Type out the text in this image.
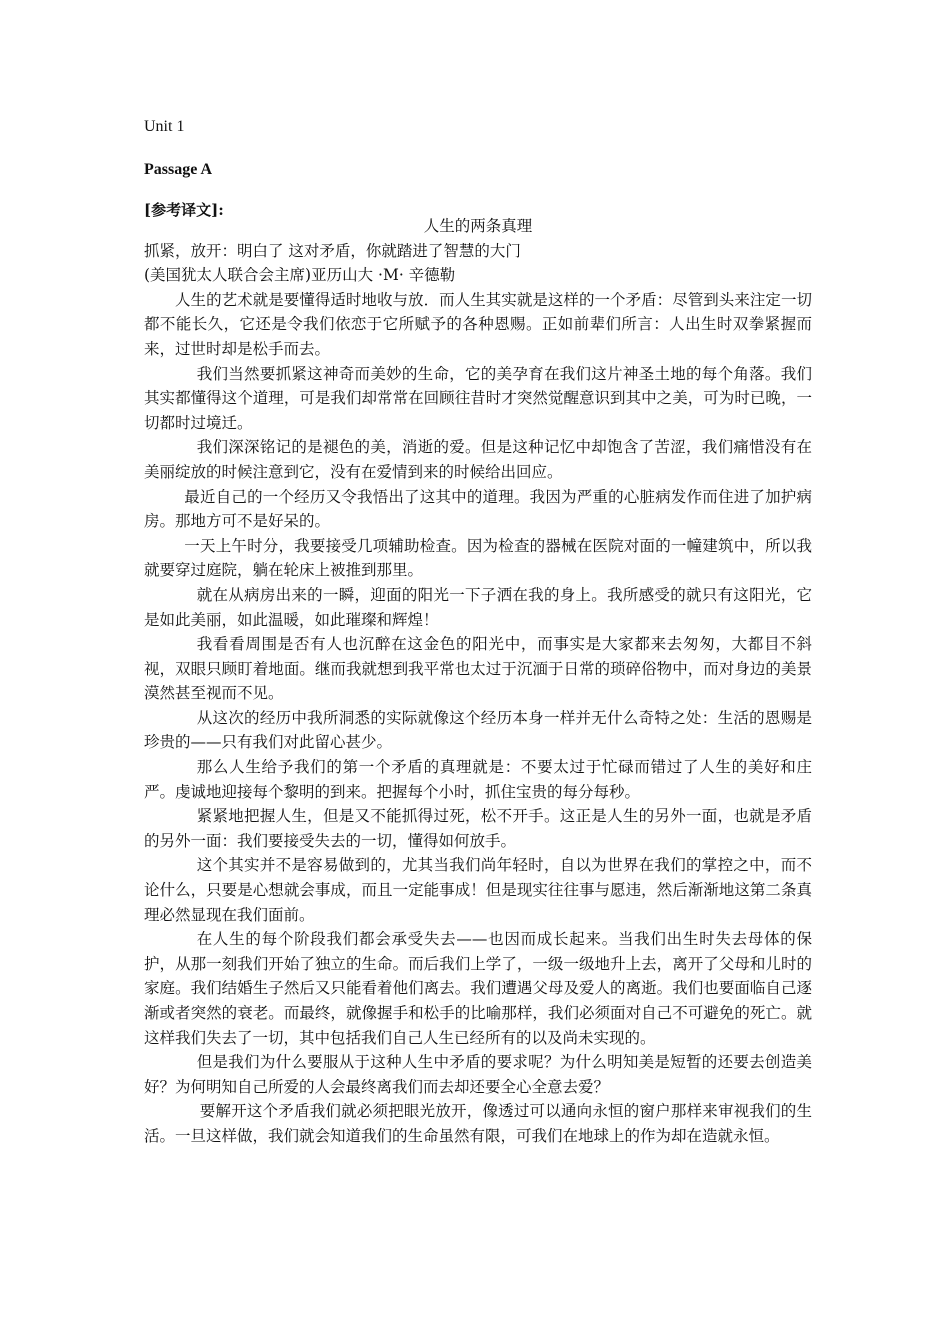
Unit 1
Passage A
[参考译文]:

人生的两条真理

抓紧，放开：明白了 这对矛盾，你就踏进了智慧的大门

(美国犹太人联合会主席)亚历山大 ·M· 辛德勒

人生的艺术就是要懂得适时地收与放．而人生其实就是这样的一个矛盾：尽管到头来注定一切都不能长久，它还是令我们依恋于它所赋予的各种恩赐。正如前辈们所言：人出生时双拳紧握而来，过世时却是松手而去。

我们当然要抓紧这神奇而美妙的生命，它的美孕育在我们这片神圣土地的每个角落。我们其实都懂得这个道理，可是我们却常常在回顾往昔时才突然觉醒意识到其中之美，可为时已晚，一切都时过境迁。

我们深深铭记的是褪色的美，消逝的爱。但是这种记忆中却饱含了苦涩，我们痛惜没有在美丽绽放的时候注意到它，没有在爱情到来的时候给出回应。

最近自己的一个经历又令我悟出了这其中的道理。我因为严重的心脏病发作而住进了加护病房。那地方可不是好呆的。

一天上午时分，我要接受几项辅助检查。因为检查的器械在医院对面的一幢建筑中，所以我就要穿过庭院，躺在轮床上被推到那里。

就在从病房出来的一瞬，迎面的阳光一下子洒在我的身上。我所感受的就只有这阳光，它是如此美丽，如此温暖，如此璀璨和辉煌！

我看看周围是否有人也沉醉在这金色的阳光中，而事实是大家都来去匆匆，大都目不斜视，双眼只顾盯着地面。继而我就想到我平常也太过于沉湎于日常的琐碎俗物中，而对身边的美景漠然甚至视而不见。

从这次的经历中我所洞悉的实际就像这个经历本身一样并无什么奇特之处：生活的恩赐是珍贵的——只有我们对此留心甚少。

那么人生给予我们的第一个矛盾的真理就是：不要太过于忙碌而错过了人生的美好和庄严。虔诚地迎接每个黎明的到来。把握每个小时，抓住宝贵的每分每秒。

紧紧地把握人生，但是又不能抓得过死，松不开手。这正是人生的另外一面，也就是矛盾的另外一面：我们要接受失去的一切，懂得如何放手。

这个其实并不是容易做到的，尤其当我们尚年轻时，自以为世界在我们的掌控之中，而不论什么，只要是心想就会事成，而且一定能事成！但是现实往往事与愿违，然后渐渐地这第二条真理必然显现在我们面前。

在人生的每个阶段我们都会承受失去——也因而成长起来。当我们出生时失去母体的保护，从那一刻我们开始了独立的生命。而后我们上学了，一级一级地升上去，离开了父母和儿时的家庭。我们结婚生子然后又只能看着他们离去。我们遭遇父母及爱人的离逝。我们也要面临自己逐渐或者突然的衰老。而最终，就像握手和松手的比喻那样，我们必须面对自己不可避免的死亡。就这样我们失去了一切，其中包括我们自己人生已经所有的以及尚未实现的。

但是我们为什么要服从于这种人生中矛盾的要求呢？为什么明知美是短暂的还要去创造美好？为何明知自己所爱的人会最终离我们而去却还要全心全意去爱？

要解开这个矛盾我们就必须把眼光放开，像透过可以通向永恒的窗户那样来审视我们的生活。一旦这样做，我们就会知道我们的生命虽然有限，可我们在地球上的作为却在造就永恒。
